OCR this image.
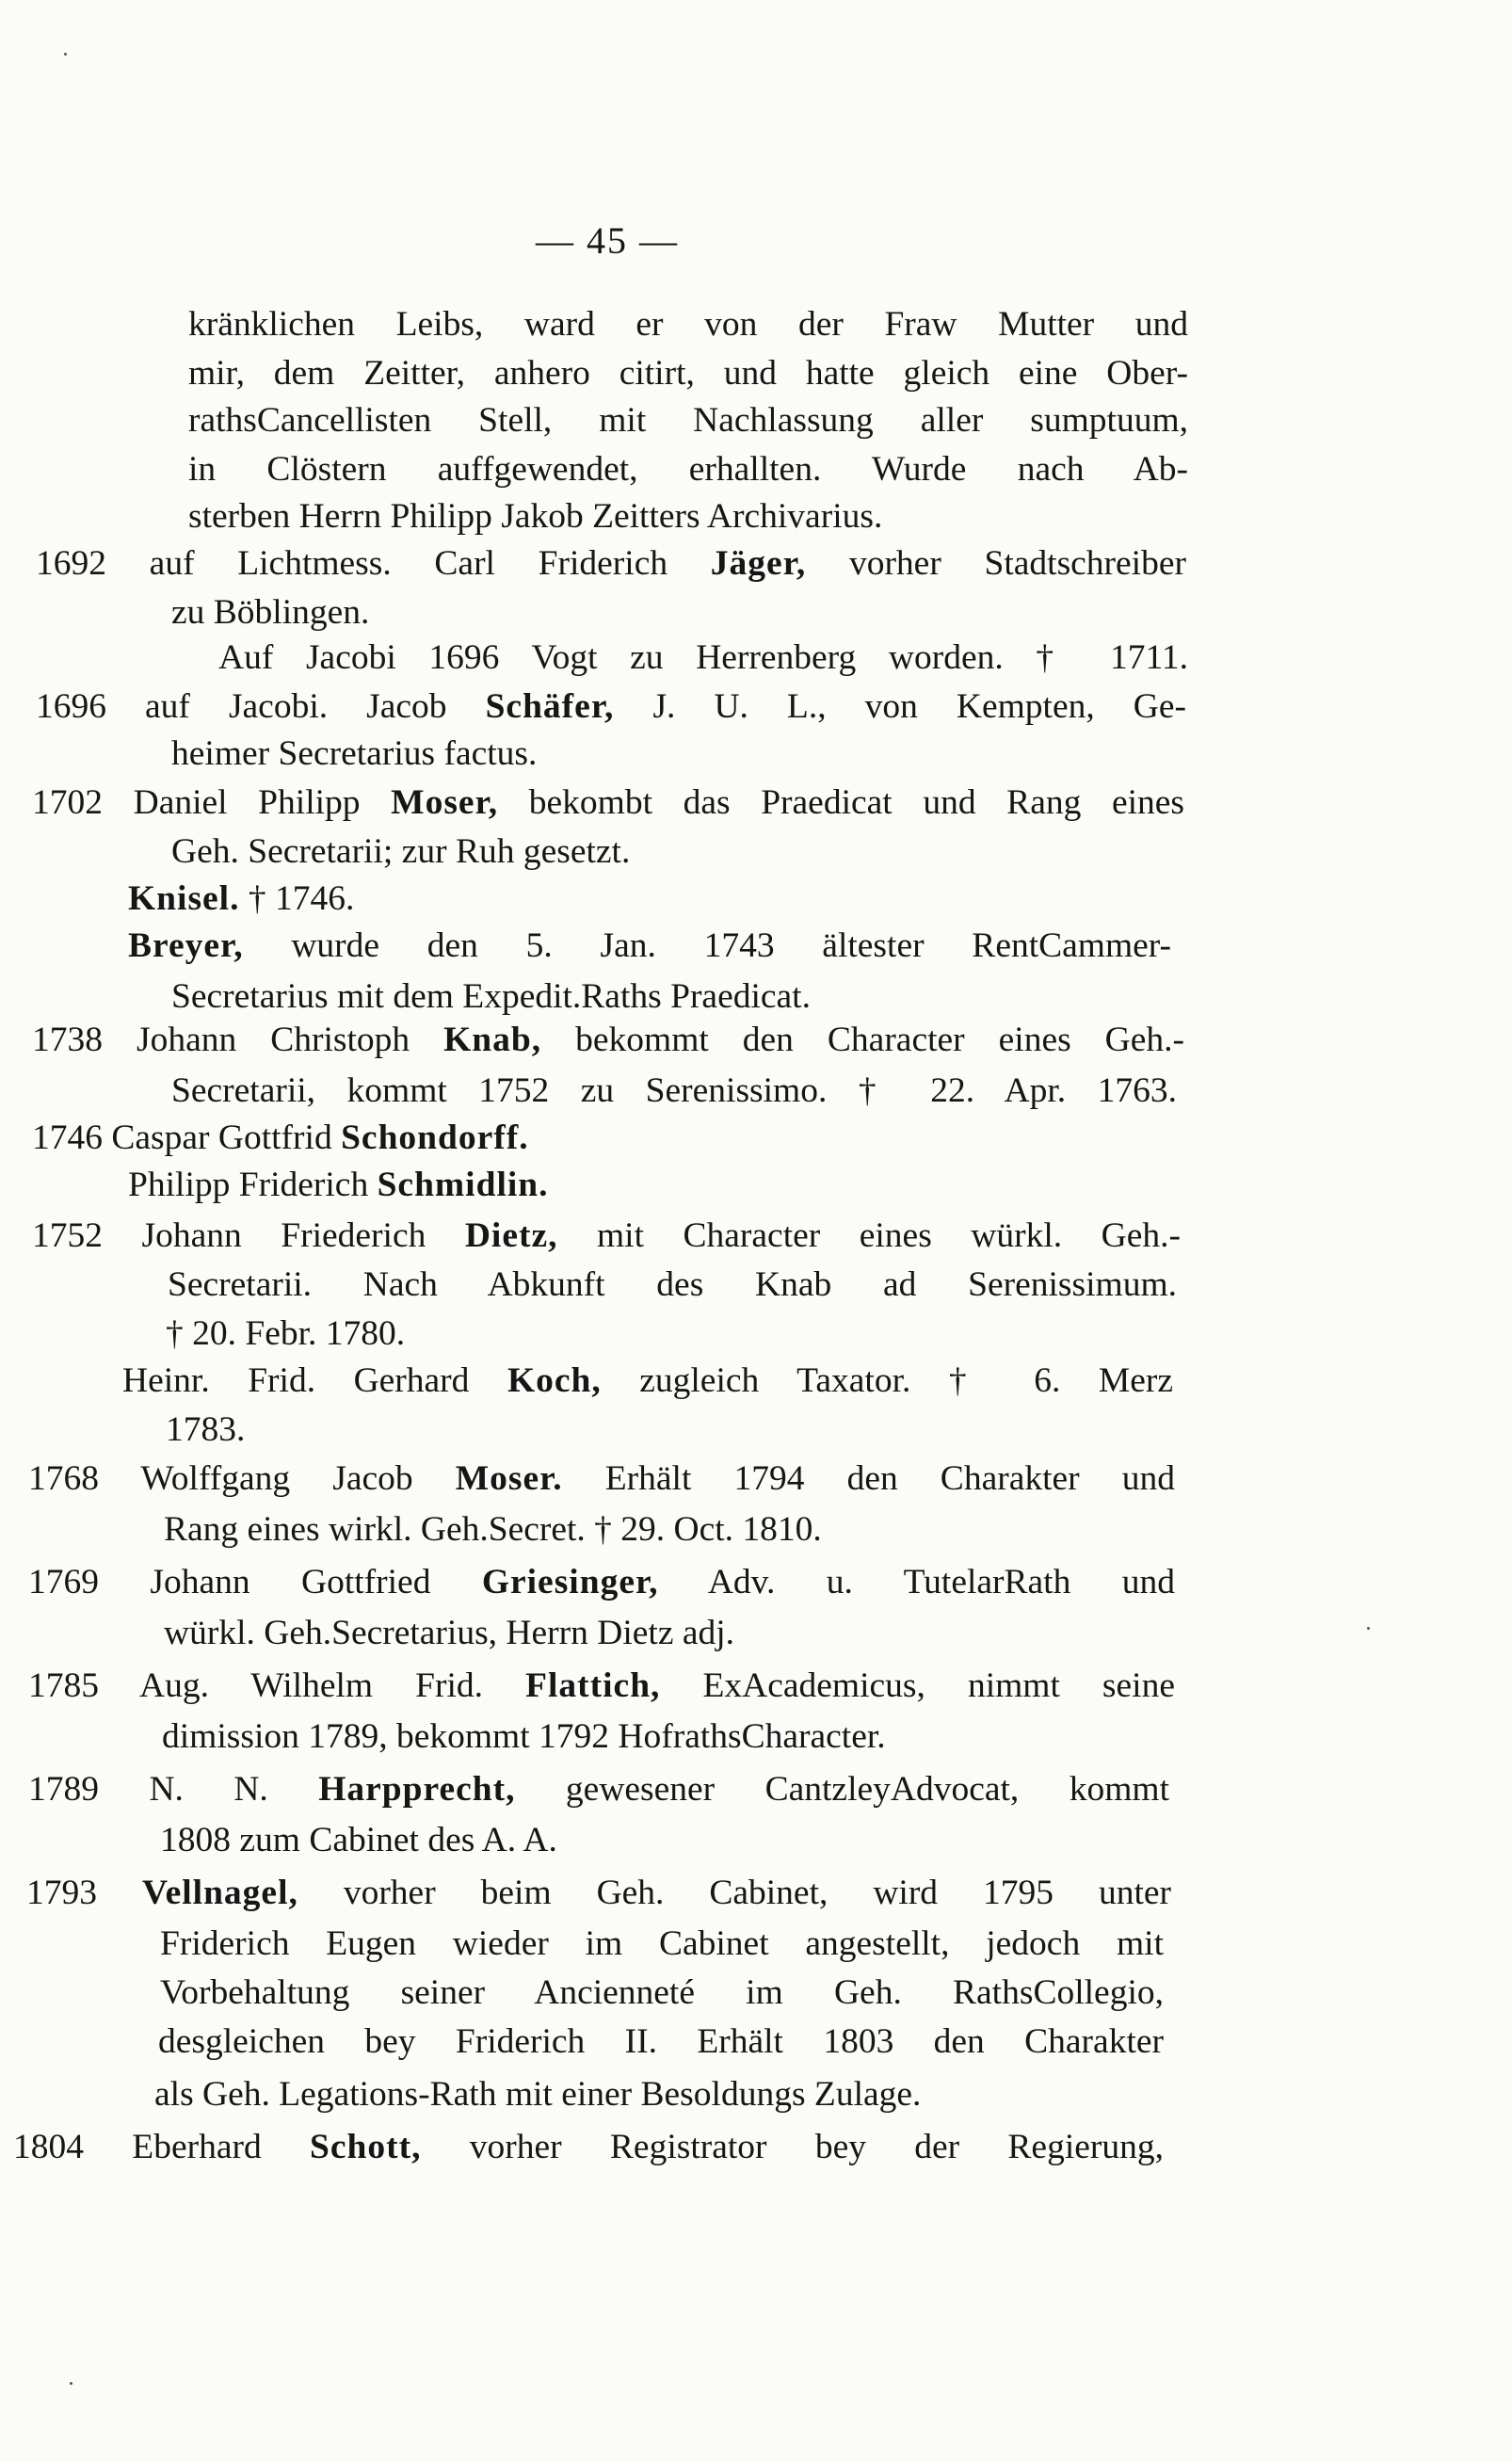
— 45 —
kränklichen Leibs, ward er von der Fraw Mutter und
mir, dem Zeitter, anhero citirt, und hatte gleich eine Ober-
rathsCancellisten Stell, mit Nachlassung aller sumptuum,
in Clöstern auffgewendet, erhallten. Wurde nach Ab-
sterben Herrn Philipp Jakob Zeitters Archivarius.
1692 auf Lichtmess. Carl Friderich Jäger, vorher Stadtschreiber
zu Böblingen.
Auf Jacobi 1696 Vogt zu Herrenberg worden. † 1711.
1696 auf Jacobi. Jacob Schäfer, J. U. L., von Kempten, Ge-
heimer Secretarius factus.
1702 Daniel Philipp Moser, bekombt das Praedicat und Rang eines
Geh. Secretarii; zur Ruh gesetzt.
Knisel. † 1746.
Breyer, wurde den 5. Jan. 1743 ältester RentCammer-
Secretarius mit dem Expedit.Raths Praedicat.
1738 Johann Christoph Knab, bekommt den Character eines Geh.-
Secretarii, kommt 1752 zu Serenissimo. † 22. Apr. 1763.
1746 Caspar Gottfrid Schondorff.
Philipp Friderich Schmidlin.
1752 Johann Friederich Dietz, mit Character eines würkl. Geh.-
Secretarii. Nach Abkunft des Knab ad Serenissimum.
† 20. Febr. 1780.
Heinr. Frid. Gerhard Koch, zugleich Taxator. † 6. Merz
1783.
1768 Wolffgang Jacob Moser. Erhält 1794 den Charakter und
Rang eines wirkl. Geh.Secret. † 29. Oct. 1810.
1769 Johann Gottfried Griesinger, Adv. u. TutelarRath und
würkl. Geh.Secretarius, Herrn Dietz adj.
1785 Aug. Wilhelm Frid. Flattich, ExAcademicus, nimmt seine
dimission 1789, bekommt 1792 HofrathsCharacter.
1789 N. N. Harpprecht, gewesener CantzleyAdvocat, kommt
1808 zum Cabinet des A. A.
1793 Vellnagel, vorher beim Geh. Cabinet, wird 1795 unter
Friderich Eugen wieder im Cabinet angestellt, jedoch mit
Vorbehaltung seiner Ancienneté im Geh. RathsCollegio,
desgleichen bey Friderich II. Erhält 1803 den Charakter
als Geh. Legations-Rath mit einer Besoldungs Zulage.
1804 Eberhard Schott, vorher Registrator bey der Regierung,
